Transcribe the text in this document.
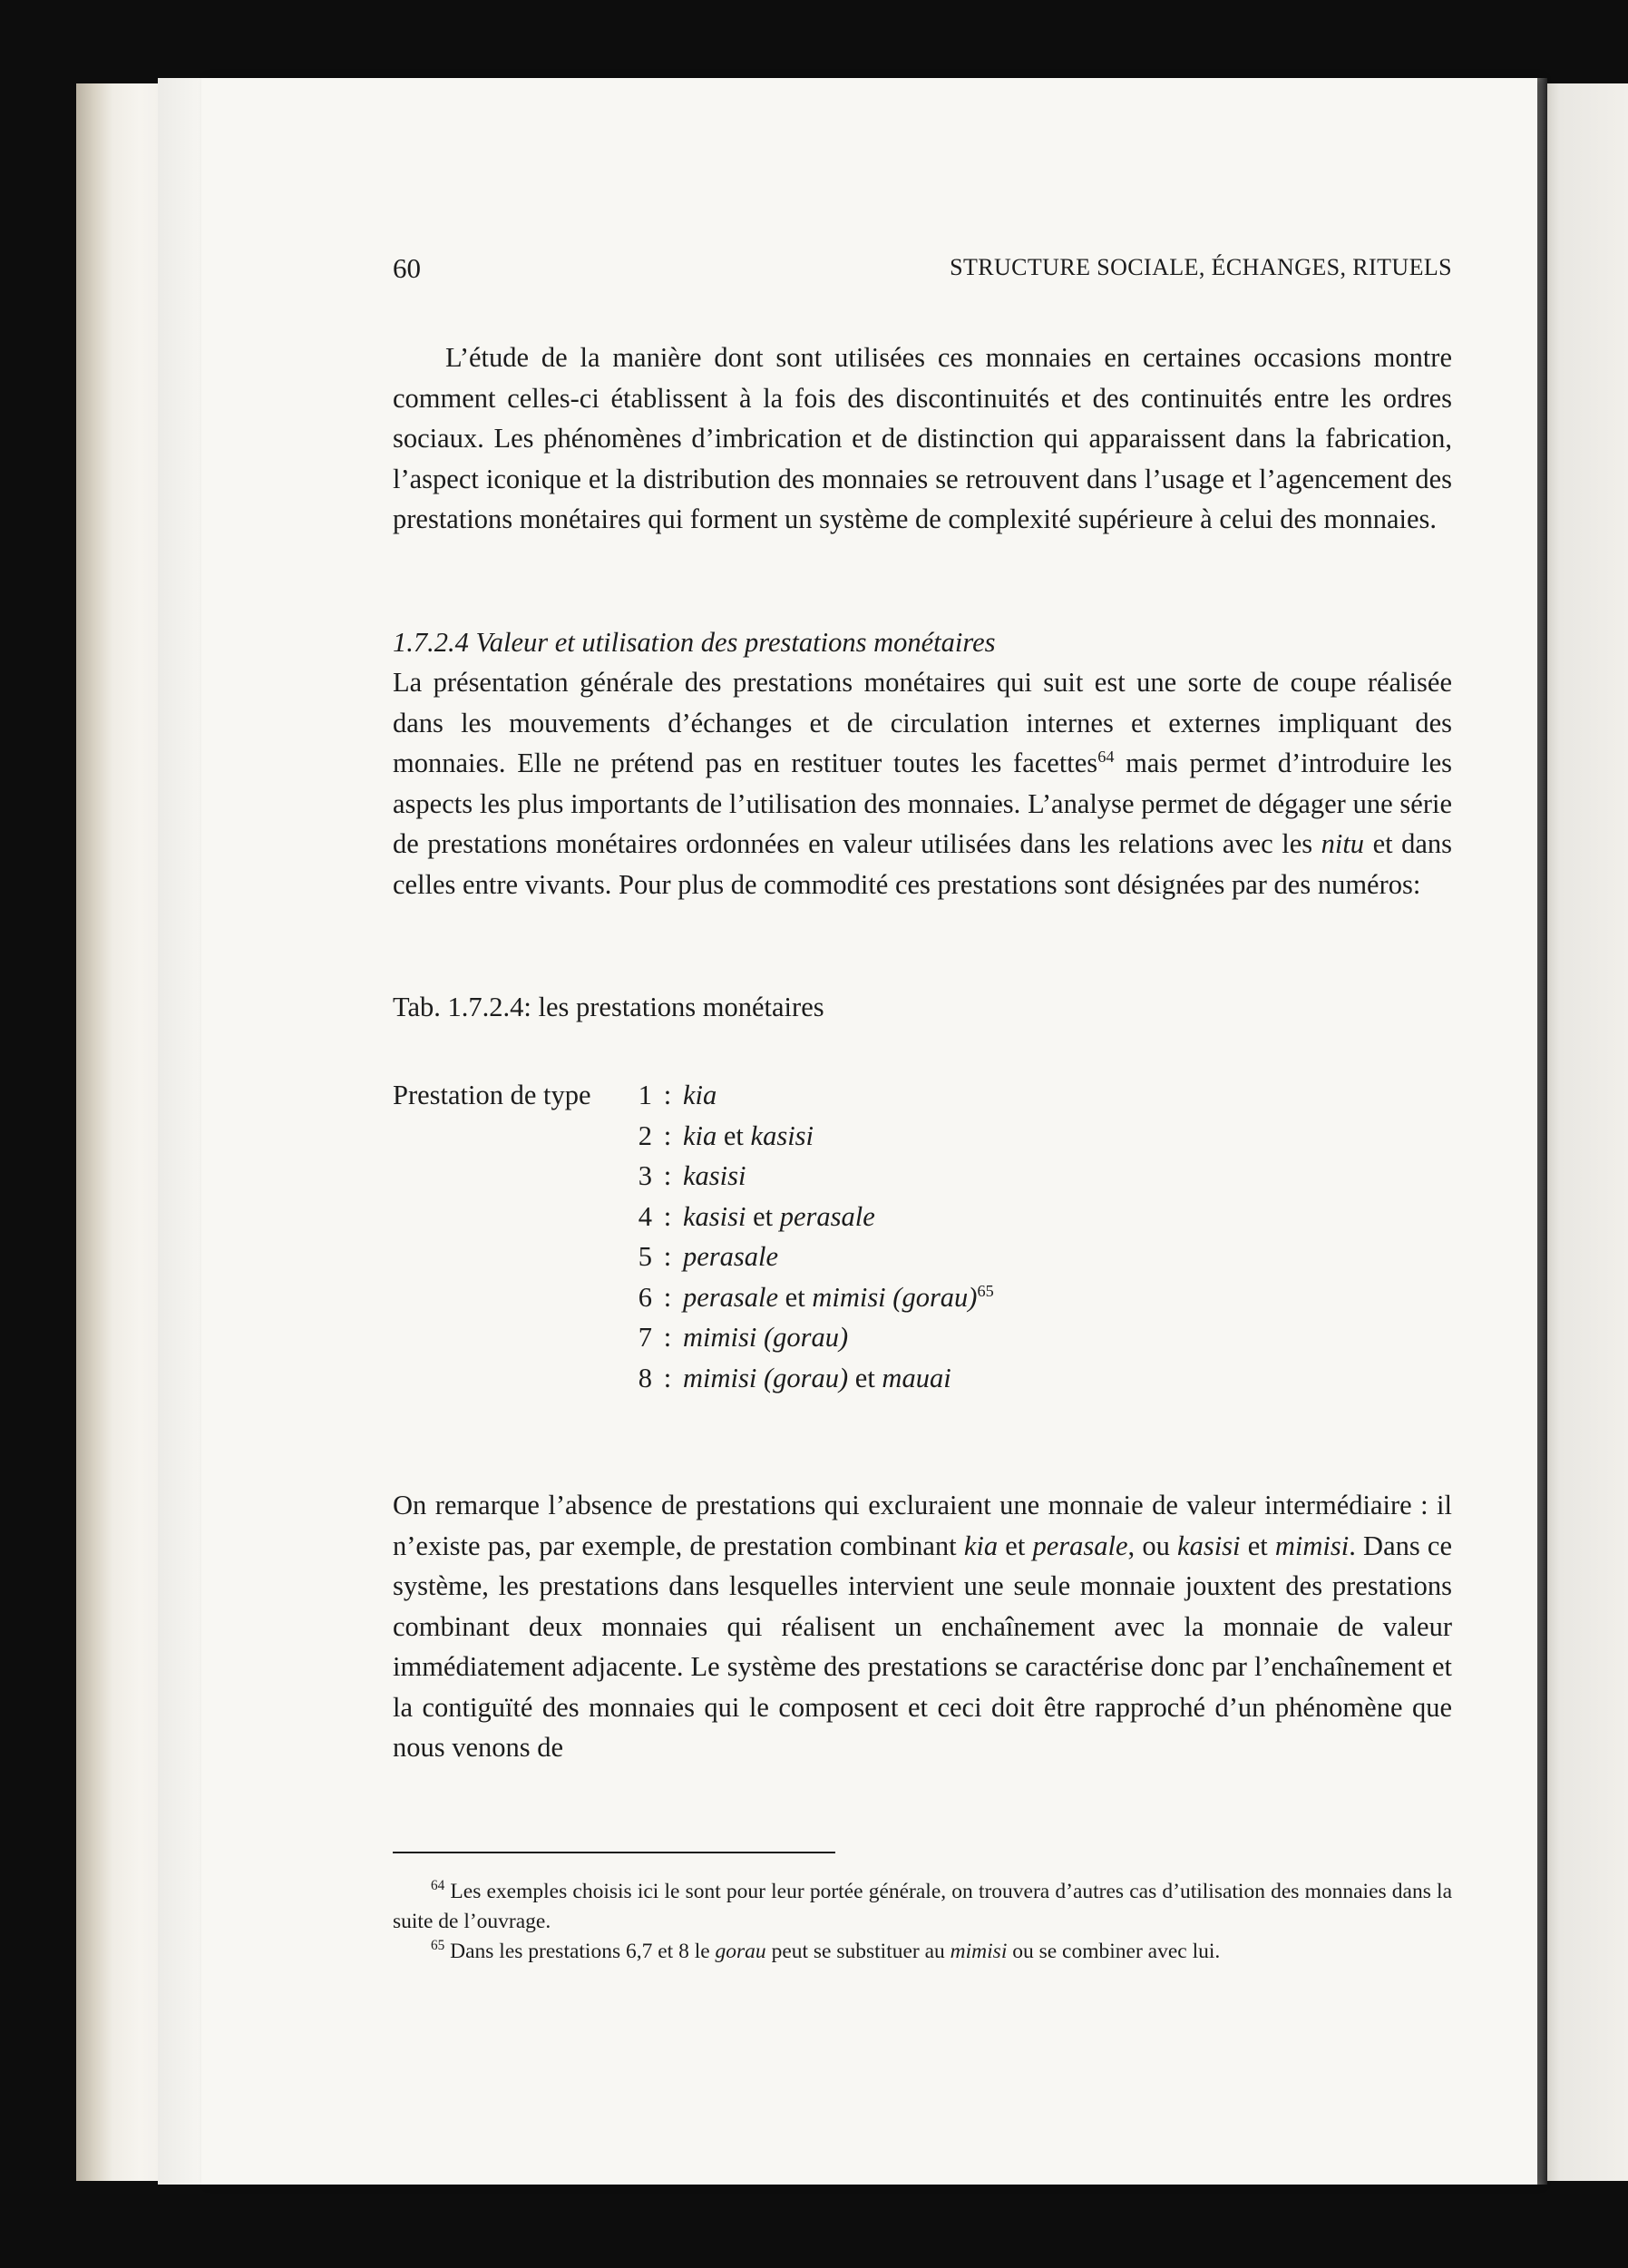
60	STRUCTURE SOCIALE, ÉCHANGES, RITUELS

L’étude de la manière dont sont utilisées ces monnaies en certaines occasions montre comment celles-ci établissent à la fois des discontinuités et des continuités entre les ordres sociaux. Les phénomènes d’imbrication et de distinction qui apparaissent dans la fabrication, l’aspect iconique et la distribution des monnaies se retrouvent dans l’usage et l’agencement des prestations monétaires qui forment un système de complexité supérieure à celui des monnaies.

1.7.2.4 Valeur et utilisation des prestations monétaires

La présentation générale des prestations monétaires qui suit est une sorte de coupe réalisée dans les mouvements d’échanges et de circulation internes et externes impliquant des monnaies. Elle ne prétend pas en restituer toutes les facettes$^{64}$ mais permet d’introduire les aspects les plus importants de l’utilisation des monnaies. L’analyse permet de dégager une série de prestations monétaires ordonnées en valeur utilisées dans les relations avec les nitu et dans celles entre vivants. Pour plus de commodité ces prestations sont désignées par des numéros:

Tab. 1.7.2.4: les prestations monétaires
Prestation de type	1 : kia
2 : kia et kasisi
3 : kasisi
4 : kasisi et perasale
5 : perasale
6 : perasale et mimisi (gorau)$^{65}$
7 : mimisi (gorau)
8 : mimisi (gorau) et mauai

On remarque l’absence de prestations qui excluraient une monnaie de valeur intermédiaire : il n’existe pas, par exemple, de prestation combinant kia et perasale, ou kasisi et mimisi. Dans ce système, les prestations dans lesquelles intervient une seule monnaie jouxtent des prestations combinant deux monnaies qui réalisent un enchaînement avec la monnaie de valeur immédiatement adjacente. Le système des prestations se caractérise donc par l’enchaînement et la contiguïté des monnaies qui le composent et ceci doit être rapproché d’un phénomène que nous venons de

$^{64}$ Les exemples choisis ici le sont pour leur portée générale, on trouvera d’autres cas d’utilisation des monnaies dans la suite de l’ouvrage.

$^{65}$ Dans les prestations 6,7 et 8 le gorau peut se substituer au mimisi ou se combiner avec lui.
